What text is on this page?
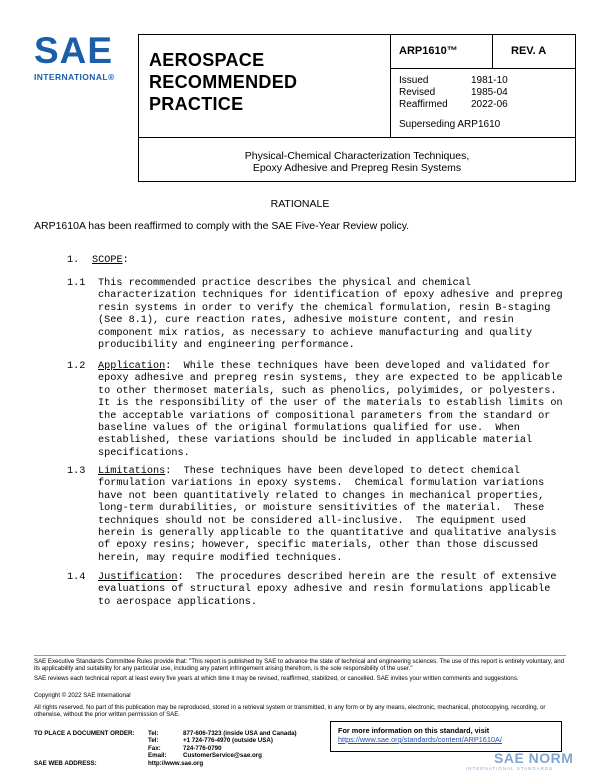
SAE
INTERNATIONAL®
AEROSPACE
RECOMMENDED PRACTICE
ARP1610™	REV. A
Issued	1981-10
Revised	1985-04
Reaffirmed	2022-06
Superseding ARP1610
Physical-Chemical Characterization Techniques,
Epoxy Adhesive and Prepreg Resin Systems
RATIONALE
ARP1610A has been reaffirmed to comply with the SAE Five-Year Review policy.
1. SCOPE:
1.1 This recommended practice describes the physical and chemical
characterization techniques for identification of epoxy adhesive and prepreg
resin systems in order to verify the chemical formulation, resin B-staging
(See 8.1), cure reaction rates, adhesive moisture content, and resin
component mix ratios, as necessary to achieve manufacturing and quality
producibility and engineering performance.
1.2 Application:  While these techniques have been developed and validated for
epoxy adhesive and prepreg resin systems, they are expected to be applicable
to other thermoset materials, such as phenolics, polyimides, or polyesters.
It is the responsibility of the user of the materials to establish limits on
the acceptable variations of compositional parameters from the standard or
baseline values of the original formulations qualified for use.  When
established, these variations should be included in applicable material
specifications.
1.3 Limitations:  These techniques have been developed to detect chemical
formulation variations in epoxy systems.  Chemical formulation variations
have not been quantitatively related to changes in mechanical properties,
long-term durabilities, or moisture sensitivities of the material.  These
techniques should not be considered all-inclusive.  The equipment used
herein is generally applicable to the quantitative and qualitative analysis
of epoxy resins; however, specific materials, other than those discussed
herein, may require modified techniques.
1.4 Justification:  The procedures described herein are the result of extensive
evaluations of structural epoxy adhesive and resin formulations applicable
to aerospace applications.
SAE Executive Standards Committee Rules provide that: "This report is published by SAE to advance the state of technical and engineering sciences. The use of this report is entirely voluntary, and its applicability and suitability for any particular use, including any patent infringement arising therefrom, is the sole responsibility of the user."
SAE reviews each technical report at least every five years at which time it may be revised, reaffirmed, stabilized, or cancelled. SAE invites your written comments and suggestions.
Copyright © 2022 SAE International
All rights reserved. No part of this publication may be reproduced, stored in a retrieval system or transmitted, in any form or by any means, electronic, mechanical, photocopying, recording, or otherwise, without the prior written permission of SAE.
TO PLACE A DOCUMENT ORDER:	Tel:	877-606-7323 (inside USA and Canada)
Tel:	+1 724-776-4970 (outside USA)
Fax:	724-776-0790
Email:	CustomerService@sae.org
SAE WEB ADDRESS:	http://www.sae.org
For more information on this standard, visit
https://www.sae.org/standards/content/ARP1610A/
SAE NORM
INTERNATIONAL STANDARDS
